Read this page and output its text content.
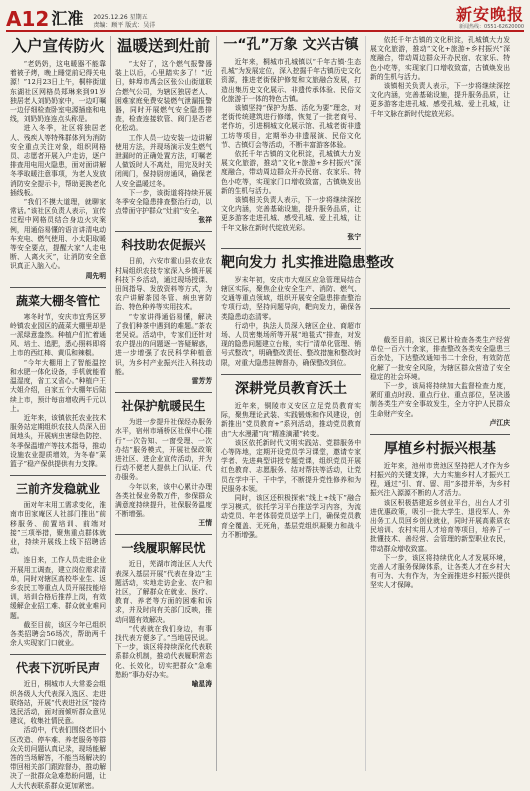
A12 汇准 2025.12.26 星期五
责编：顾平 版式：吴洋
新安晚报
新闻热线：0551-62620000
入户宣传防火

“老奶奶，这电暖器不能靠着被子烤，晚上睡觉前记得关电源！”12月23日上午，桐梓街道东湖社区网格员郑琳来到91岁独居老人刘奶奶家中，一边叮嘱一边仔细检查卧室电源插座和电线，刘奶奶连连点头称是。

进入冬季，社区将独居老人、残疾人等特殊群体列为消防安全重点关注对象，组织网格员、志愿者开展入户走访，逐户排查用电用火隐患，面对面讲解冬季取暖注意事项，为老人发放消防安全提示卡，帮助更换老化插线板。

“我们不摸大道理，就聊家常话。”该社区负责人表示，宣传过程中网格员结合身边火灾案例，用通俗易懂的语言讲清电动车充电、燃气使用、小太阳取暖等安全要点，提醒大家“人走电断、人离火灭”，让消防安全意识真正入脑入心。

周先明
蔬菜大棚冬管忙

寒冬时节，安庆市宜秀区罗岭镇农业园区的蔬菜大棚里却是一派绿意盎然。种植户们忙着通风、培土、追肥，悉心照料即将上市的西红柿、黄瓜和辣椒。

“今年大棚用上了智能温控和水肥一体化设备，手机就能看温湿度，省工又省心。”种植户王大姐介绍，自家五个大棚年后陆续上市，预计每亩增收两千元以上。

近年来，该镇依托农业技术服务站定期组织农技人员深入田间地头，开展病虫害绿色防控、冬季保温增产等技术指导，推动设施农业提质增效，为冬春“菜篮子”稳产保供提供有力支撑。

三前齐发稳就业

面对年末用工需求变化，淮南市田家庵区人社部门推出“前移服务、前置培训、前端对接”三项举措，聚焦重点群体就业，持续开展线上线下招聘活动。

连日来，工作人员走进企业开展用工调查，建立岗位需求清单，同时对辖区高校毕业生、返乡农民工等重点人员开展技能培训，培训合格后推荐上岗，有效缓解企业招工难、群众就业难问题。

截至目前，该区今年已组织各类招聘会56场次，帮助两千余人实现家门口就业。

代表下沉听民声

近日，桐城市人大常委会组织各级人大代表深入选区、走进联络站，开展“代表进社区”接待选民活动，面对面倾听群众意见建议，收集社情民意。

活动中，代表们围绕老旧小区改造、停车难、养老服务等群众关切问题认真记录，现场能解答的当场解答，不能当场解决的带回相关部门跟踪督办，推动解决了一批群众急难愁盼问题，让人大代表联系群众更加紧密。

温暖送到灶前

“太好了，这个燃气报警器装上以后，心里踏实多了！”近日，蚌埠市禹会区张公山街道联合燃气公司，为辖区独居老人、困难家庭免费安装燃气泄漏报警器，同时开展燃气安全隐患排查，检查连接软管、阀门是否老化松动。

工作人员一边安装一边讲解使用方法，并现场演示发生燃气泄漏时的正确处置方法，叮嘱老人做饭时人不离灶，用完及时关闭阀门，保持厨房通风，确保老人安全温暖过冬。

下一步，该街道将持续开展冬季安全隐患排查整治行动，以点带面守护群众“灶前”安全。

张祥
科技助农促振兴

日前，六安市霍山县农业农村局组织农技专家深入乡镇开展科技下乡活动，通过现场授课、田间指导、发放资料等方式，为农户讲解茶园冬管、病虫害防治、特色种养等实用技术。

“专家讲得通俗易懂，解决了我们种茶中遇到的难题。”茶农老吴说。活动中，专家们还针对农户提出的问题逐一答疑解惑，进一步增强了农民科学种植意识，为乡村产业振兴注入科技动能。

雷芳芳
社保护航暖民生

为进一步提升社保经办服务水平，宿州市埇桥区社保中心推行“一次告知、一窗受理、一次办结”服务模式，开展社保政策进社区、进企业宣传活动，并为行动不便老人提供上门认证、代办服务。

今年以来，该中心累计办理各类社保业务数万件，参保群众满意度持续提升，社保服务温度不断增强。

王情
一线履职解民忧

近日，芜湖市湾沚区人大代表深入基层开展“代表在身边”主题活动，实地走访企业、农户和社区，了解群众在就业、医疗、教育、养老等方面的困难和诉求，并及时向有关部门反映，推动问题有效解决。

“代表就在我们身边，有事找代表方便多了。”当地居民说。下一步，该区将持续深化代表联系群众机制，推动代表履职常态化、长效化，切实把群众“急难愁盼”事办好办实。

喻星涛
一“孔”万象 文兴古镇

近年来，桐城市孔城镇以“千年古镇·生态孔城”为发展定位，深入挖掘千年古镇历史文化资源，推进老街保护修复和文旅融合发展，打造出集历史文化展示、非遗传承体验、民俗文化旅游于一体的特色古镇。

该镇坚持“保护为基、活化为要”理念，对老街传统建筑进行修缮，恢复了一批老商号、老作坊，引进桐城文化展示馆、孔城老街非遗工坊等项目，定期举办非遗展演、民俗文化节、古镇灯会等活动，不断丰富游客体验。

依托千年古镇的文化积淀，孔城镇大力发展文化旅游，推动“文化+旅游+乡村振兴”深度融合，带动周边群众开办民宿、农家乐、特色小吃等，实现家门口增收致富，古镇焕发出新的生机与活力。

该镇相关负责人表示，下一步将继续深挖文化内涵，完善基础设施，提升服务品质，让更多游客走进孔城、感受孔城、爱上孔城，让千年文脉在新时代绽放光彩。

张宁
靶向发力 扎实推进隐患整改

岁末年初，安庆市大观区应急管理局结合辖区实际，聚焦企业安全生产、消防、燃气、交通等重点领域，组织开展安全隐患排查整治专项行动，坚持问题导向，靶向发力，确保各类隐患动态清零。

行动中，执法人员深入辖区企业、商超市场、人员密集场所等开展“地毯式”排查，对发现的隐患问题建立台账，实行“清单化管理、销号式整改”，明确整改责任、整改措施和整改时限，对重大隐患挂牌督办，确保整改到位。

深耕党员教育沃土

近年来，铜陵市义安区立足党员教育实际，聚焦理论武装、实践锻炼和作风建设，创新推出“党员教育+”系列活动，推动党员教育由“大水漫灌”向“精准滴灌”转变。

该区依托新时代文明实践站、党群服务中心等阵地，定期开设党员学习课堂，邀请专家学者、先进典型讲授专题党课，组织党员开展红色教育、志愿服务、结对帮扶等活动，让党员在学中干、干中学，不断提升党性修养和为民服务本领。

同时，该区还积极探索“线上+线下”融合学习模式，依托学习平台推送学习内容，为流动党员、年老体弱党员送学上门，确保党员教育全覆盖、无死角，基层党组织凝聚力和战斗力不断增强。

依托千年古镇的文化积淀，孔城镇大力发展文化旅游，推动“文化+旅游+乡村振兴”深度融合，带动周边群众开办民宿、农家乐、特色小吃等，实现家门口增收致富，古镇焕发出新的生机与活力。

该镇相关负责人表示，下一步将继续深挖文化内涵，完善基础设施，提升服务品质，让更多游客走进孔城、感受孔城、爱上孔城，让千年文脉在新时代绽放光彩。

截至目前，该区已累计检查各类生产经营单位一百六十余家，排查整改各类安全隐患三百余处，下达整改通知书二十余份，有效防范化解了一批安全风险，为辖区群众营造了安全稳定的社会环境。

下一步，该局将持续加大监督检查力度，紧盯重点时段、重点行业、重点部位，坚决遏制各类生产安全事故发生，全力守护人民群众生命财产安全。

卢江庆
厚植乡村振兴根基

近年来，池州市贵池区坚持把人才作为乡村振兴的关键支撑，大力实施乡村人才振兴工程，通过“引、育、留、用”多措并举，为乡村振兴注入源源不断的人才活力。

该区积极搭建返乡创业平台，出台人才引进优惠政策，吸引一批大学生、退役军人、外出务工人员回乡创业就业，同时开展高素质农民培训、农村实用人才培育等项目，培养了一批懂技术、善经营、会管理的新型职业农民，带动群众增收致富。

下一步，该区将持续优化人才发展环境，完善人才服务保障体系，让各类人才在乡村大有可为、大有作为，为全面推进乡村振兴提供坚实人才保障。
